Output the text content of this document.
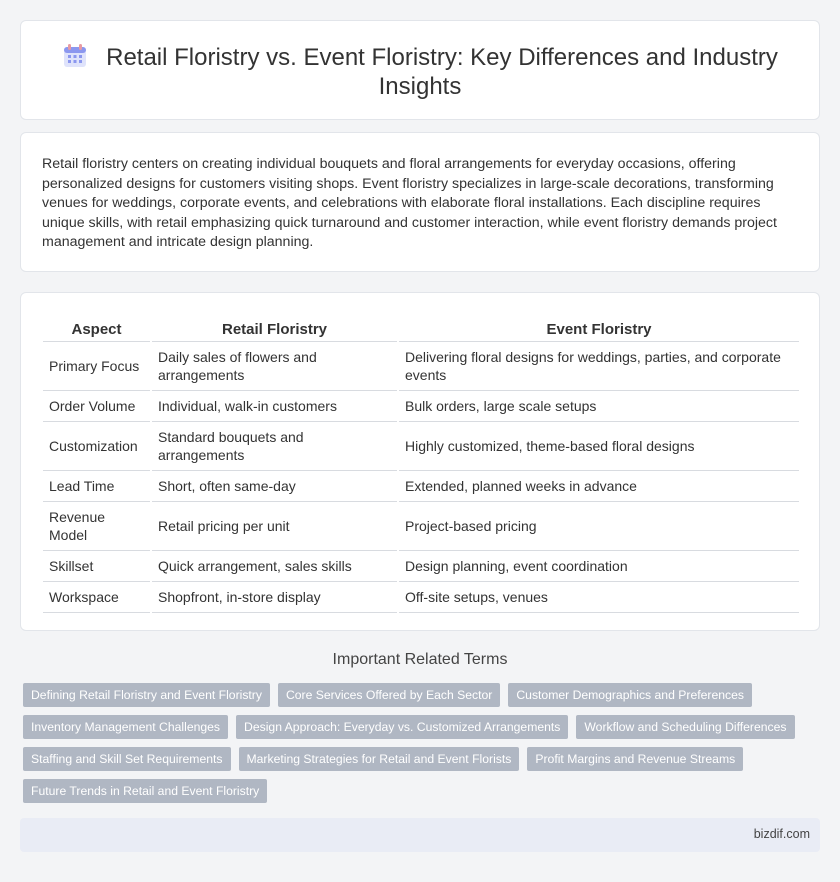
Retail Floristry vs. Event Floristry: Key Differences and Industry Insights

Retail floristry centers on creating individual bouquets and floral arrangements for everyday occasions, offering personalized designs for customers visiting shops. Event floristry specializes in large-scale decorations, transforming venues for weddings, corporate events, and celebrations with elaborate floral installations. Each discipline requires unique skills, with retail emphasizing quick turnaround and customer interaction, while event floristry demands project management and intricate design planning.

Aspect	Retail Floristry	Event Floristry
Primary Focus	Daily sales of flowers and arrangements	Delivering floral designs for weddings, parties, and corporate events
Order Volume	Individual, walk-in customers	Bulk orders, large scale setups
Customization	Standard bouquets and arrangements	Highly customized, theme-based floral designs
Lead Time	Short, often same-day	Extended, planned weeks in advance
Revenue Model	Retail pricing per unit	Project-based pricing
Skillset	Quick arrangement, sales skills	Design planning, event coordination
Workspace	Shopfront, in-store display	Off-site setups, venues
Important Related Terms
Defining Retail Floristry and Event Floristry	Core Services Offered by Each Sector	Customer Demographics and Preferences
Inventory Management Challenges	Design Approach: Everyday vs. Customized Arrangements	Workflow and Scheduling Differences
Staffing and Skill Set Requirements	Marketing Strategies for Retail and Event Florists	Profit Margins and Revenue Streams
Future Trends in Retail and Event Floristry
bizdif.com
